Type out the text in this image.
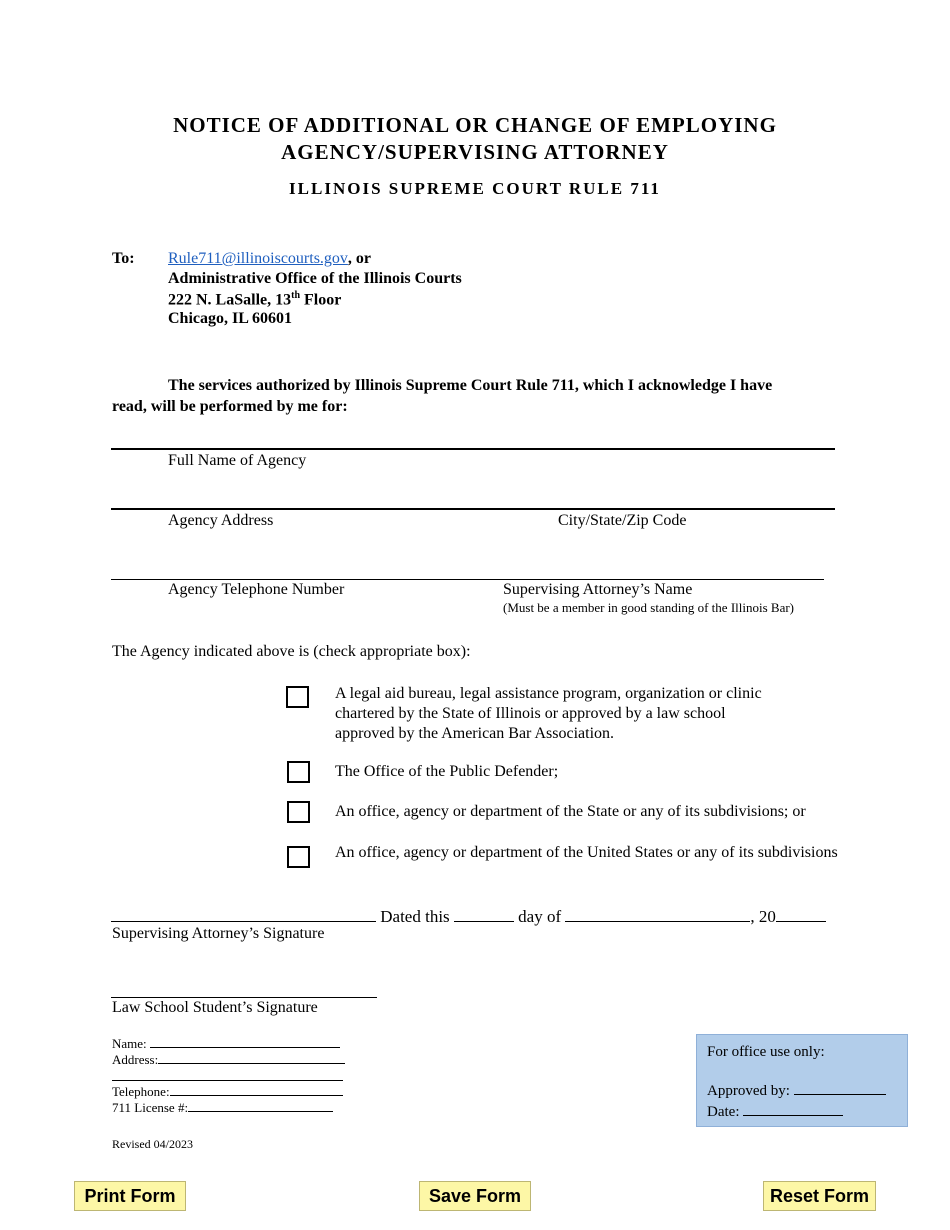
NOTICE OF ADDITIONAL OR CHANGE OF EMPLOYING
AGENCY/SUPERVISING ATTORNEY
ILLINOIS SUPREME COURT RULE 711
To: Rule711@illinoiscourts.gov, or
Administrative Office of the Illinois Courts
222 N. LaSalle, 13th Floor
Chicago, IL 60601
The services authorized by Illinois Supreme Court Rule 711, which I acknowledge I have
read, will be performed by me for:
Full Name of Agency
Agency Address	City/State/Zip Code
Agency Telephone Number	Supervising Attorney’s Name
(Must be a member in good standing of the Illinois Bar)
The Agency indicated above is (check appropriate box):
A legal aid bureau, legal assistance program, organization or clinic
chartered by the State of Illinois or approved by a law school
approved by the American Bar Association.
The Office of the Public Defender;
An office, agency or department of the State or any of its subdivisions; or
An office, agency or department of the United States or any of its subdivisions
Dated this	day of	, 20
Supervising Attorney’s Signature
Law School Student’s Signature
Name:
Address:
Telephone:
711 License #:
Revised 04/2023
For office use only:
Approved by:
Date:
Print Form	Save Form	Reset Form
